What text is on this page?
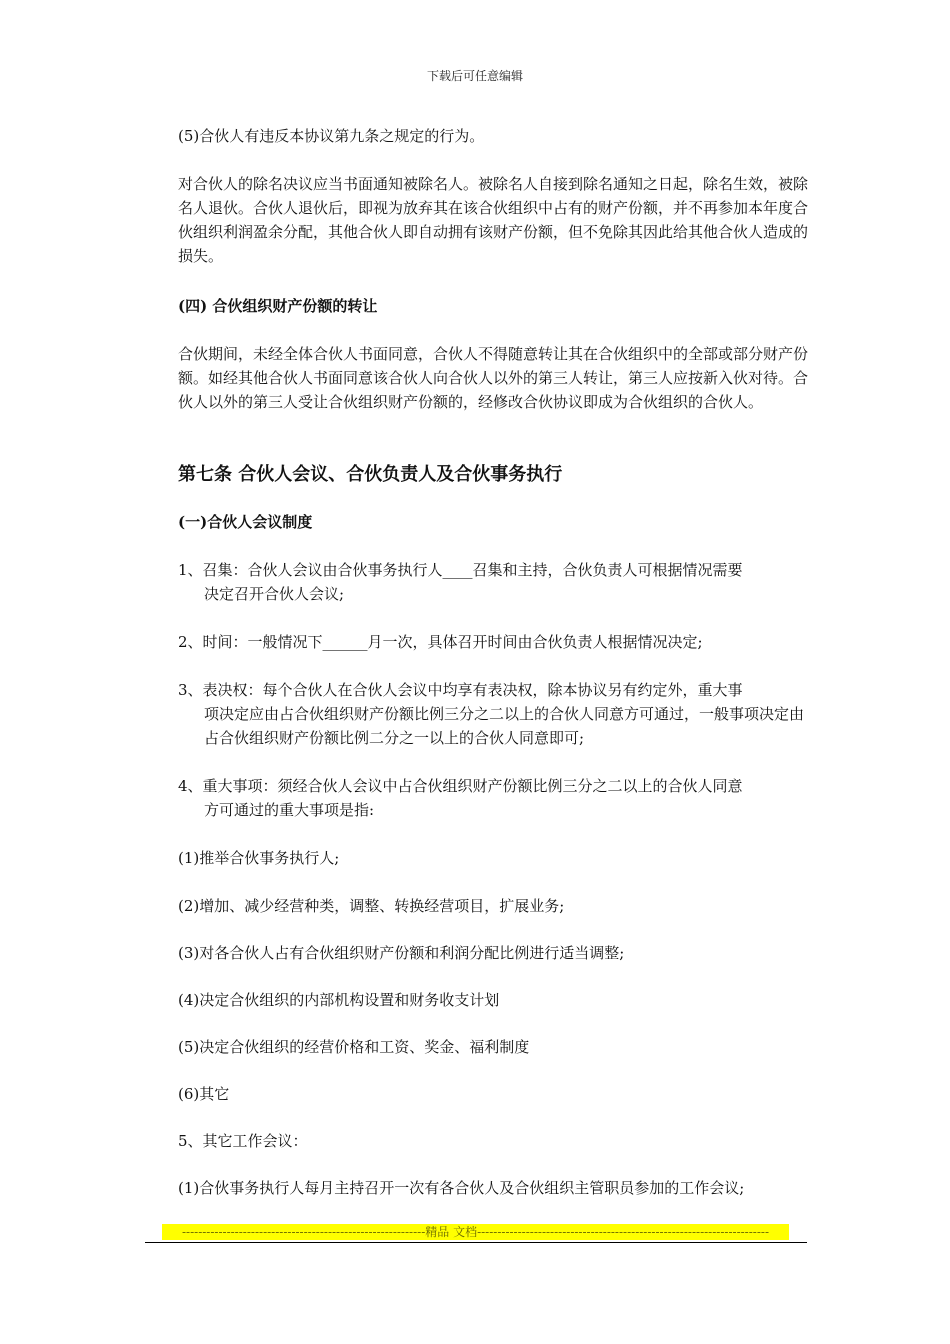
下载后可任意编辑

(5)合伙人有违反本协议第九条之规定的行为。

对合伙人的除名决议应当书面通知被除名人。被除名人自接到除名通知之日起，除名生效，被除名人退伙。合伙人退伙后，即视为放弃其在该合伙组织中占有的财产份额，并不再参加本年度合伙组织利润盈余分配，其他合伙人即自动拥有该财产份额，但不免除其因此给其他合伙人造成的损失。

(四) 合伙组织财产份额的转让

合伙期间，未经全体合伙人书面同意，合伙人不得随意转让其在合伙组织中的全部或部分财产份额。如经其他合伙人书面同意该合伙人向合伙人以外的第三人转让，第三人应按新入伙对待。合伙人以外的第三人受让合伙组织财产份额的，经修改合伙协议即成为合伙组织的合伙人。

第七条 合伙人会议、合伙负责人及合伙事务执行
(一)合伙人会议制度
1、召集：合伙人会议由合伙事务执行人____召集和主持，合伙负责人可根据情况需要
决定召开合伙人会议;
2、时间：一般情况下______月一次，具体召开时间由合伙负责人根据情况决定;
3、表决权：每个合伙人在合伙人会议中均享有表决权，除本协议另有约定外，重大事
项决定应由占合伙组织财产份额比例三分之二以上的合伙人同意方可通过，一般事项决定由占合伙组织财产份额比例二分之一以上的合伙人同意即可;
4、重大事项：须经合伙人会议中占合伙组织财产份额比例三分之二以上的合伙人同意
方可通过的重大事项是指:
(1)推举合伙事务执行人;
(2)增加、减少经营种类，调整、转换经营项目，扩展业务;
(3)对各合伙人占有合伙组织财产份额和利润分配比例进行适当调整;
(4)决定合伙组织的内部机构设置和财务收支计划
(5)决定合伙组织的经营价格和工资、奖金、福利制度
(6)其它
5、其它工作会议：
(1)合伙事务执行人每月主持召开一次有各合伙人及合伙组织主管职员参加的工作会议;
------------------------------------------------------------精品 文档------------------------------------------------------------------------
